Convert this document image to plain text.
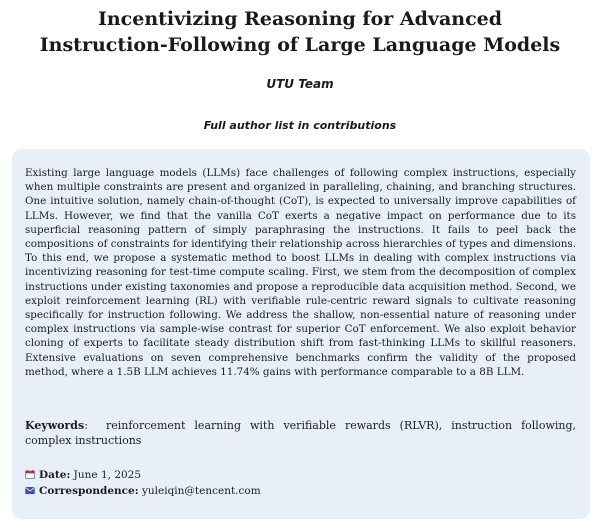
Incentivizing Reasoning for Advanced
Instruction-Following of Large Language Models
UTU Team
Full author list in contributions
Existing large language models (LLMs) face challenges of following complex instructions, especially when multiple constraints are present and organized in paralleling, chaining, and branching structures. One intuitive solution, namely chain-of-thought (CoT), is expected to universally improve capabilities of LLMs. However, we find that the vanilla CoT exerts a negative impact on performance due to its superficial reasoning pattern of simply paraphrasing the instructions. It fails to peel back the compositions of constraints for identifying their relationship across hierarchies of types and dimensions. To this end, we propose a systematic method to boost LLMs in dealing with complex instructions via incentivizing reasoning for test-time compute scaling. First, we stem from the decomposition of complex instructions under existing taxonomies and propose a reproducible data acquisition method. Second, we exploit reinforcement learning (RL) with verifiable rule-centric reward signals to cultivate reasoning specifically for instruction following. We address the shallow, non-essential nature of reasoning under complex instructions via sample-wise contrast for superior CoT enforcement. We also exploit behavior cloning of experts to facilitate steady distribution shift from fast-thinking LLMs to skillful reasoners. Extensive evaluations on seven comprehensive benchmarks confirm the validity of the proposed method, where a 1.5B LLM achieves 11.74% gains with performance comparable to a 8B LLM.
Keywords:  reinforcement learning with verifiable rewards (RLVR), instruction following, complex instructions
Date: June 1, 2025
Correspondence: yuleiqin@tencent.com
